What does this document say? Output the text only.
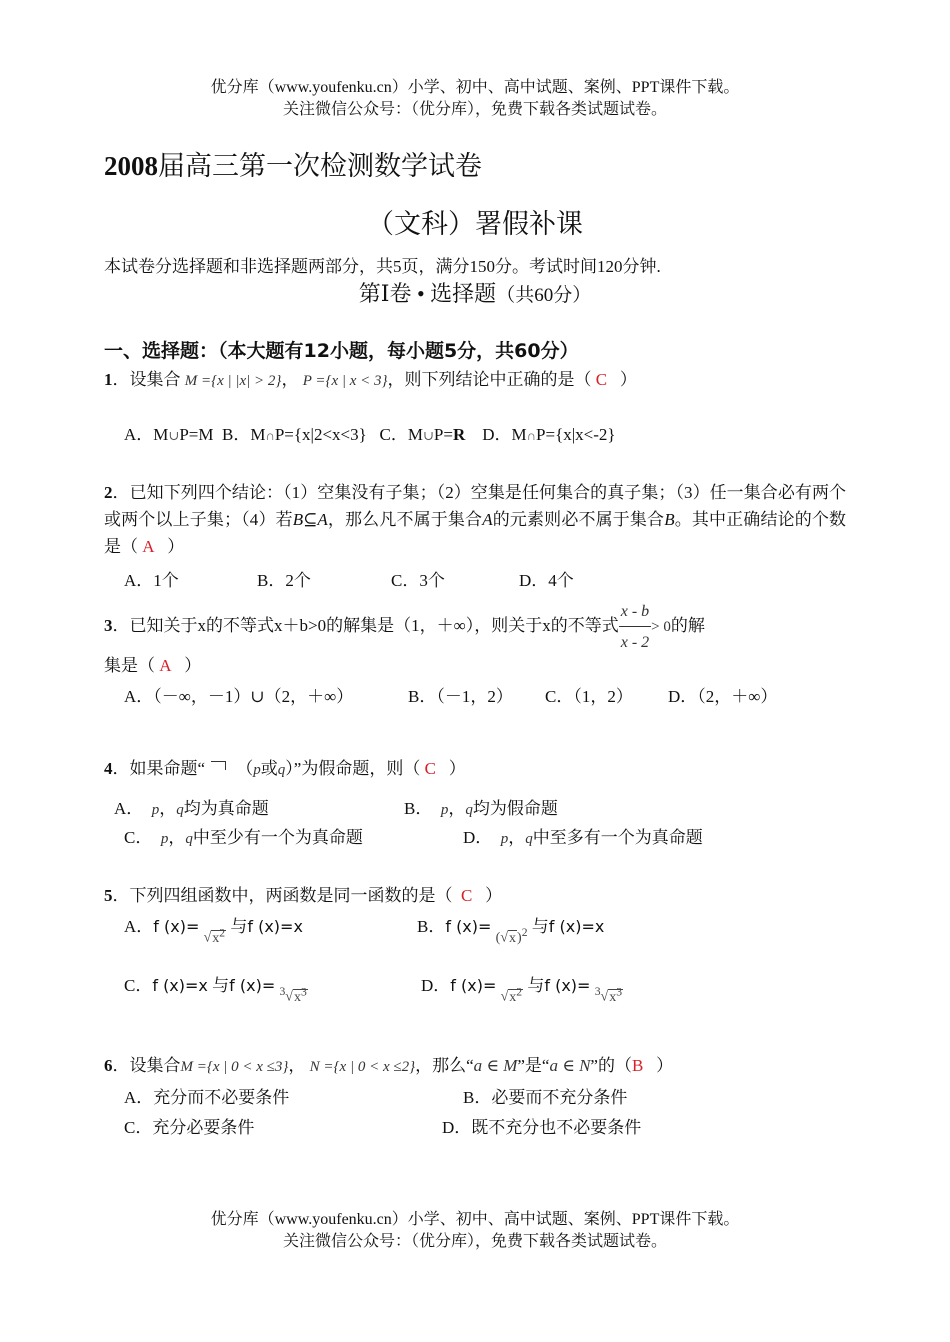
优分库（www.youfenku.cn）小学、初中、高中试题、案例、PPT课件下载。
关注微信公众号：（优分库），免费下载各类试题试卷。
2008届高三第一次检测数学试卷
（文科）署假补课
本试卷分选择题和非选择题两部分，共5页，满分150分。考试时间120分钟.
第Ⅰ卷 • 选择题（共60分）
一、选择题：（本大题有12小题，每小题5分，共60分）
1．设集合 M ={x | |x| > 2}， P ={x | x < 3}，则下列结论中正确的是（ C ）
A．M∪P=M B．M∩P={x|2<x<3} C．M∪P=R D．M∩P={x|x<-2}
2．已知下列四个结论：（1）空集没有子集；（2）空集是任何集合的真子集；（3）任一集合必有两个或两个以上子集；（4）若B⊆A，那么凡不属于集合A的元素则必不属于集合B。其中正确结论的个数是（ A ）
A．1个	B．2个	C．3个	D．4个
3．已知关于x的不等式x＋b>0的解集是（1，＋∞），则关于x的不等式 $\frac{x - b}{x - 2} > 0$的解
集是（ A ）
A．（－∞，－1）∪（2，＋∞）	B．（－1，2） C．（1，2） D．（2，＋∞）
4．如果命题“ （p或q）”为假命题，则（ C ）
A． p，q均为真命题	B． p，q均为假命题
C． p，q中至少有一个为真命题	D． p，q中至多有一个为真命题
5．下列四组函数中，两函数是同一函数的是（ C ）
A．f $(x)= √x^2$ 与f (x)=x	B．f $(x)= (√x)^2$ 与f (x)=x
C．f (x)=x 与f $(x)= ^3√x^3$	D．f $(x)= √x^2$ 与f $(x)= ^3√x^3$
6．设集合M ={x | 0 < x ≤3}， N ={x | 0 < x ≤2}，那么“a ∈ M”是“a ∈ N”的（B ）
A．充分而不必要条件	B．必要而不充分条件
C．充分必要条件	D．既不充分也不必要条件
优分库（www.youfenku.cn）小学、初中、高中试题、案例、PPT课件下载。
关注微信公众号：（优分库），免费下载各类试题试卷。
